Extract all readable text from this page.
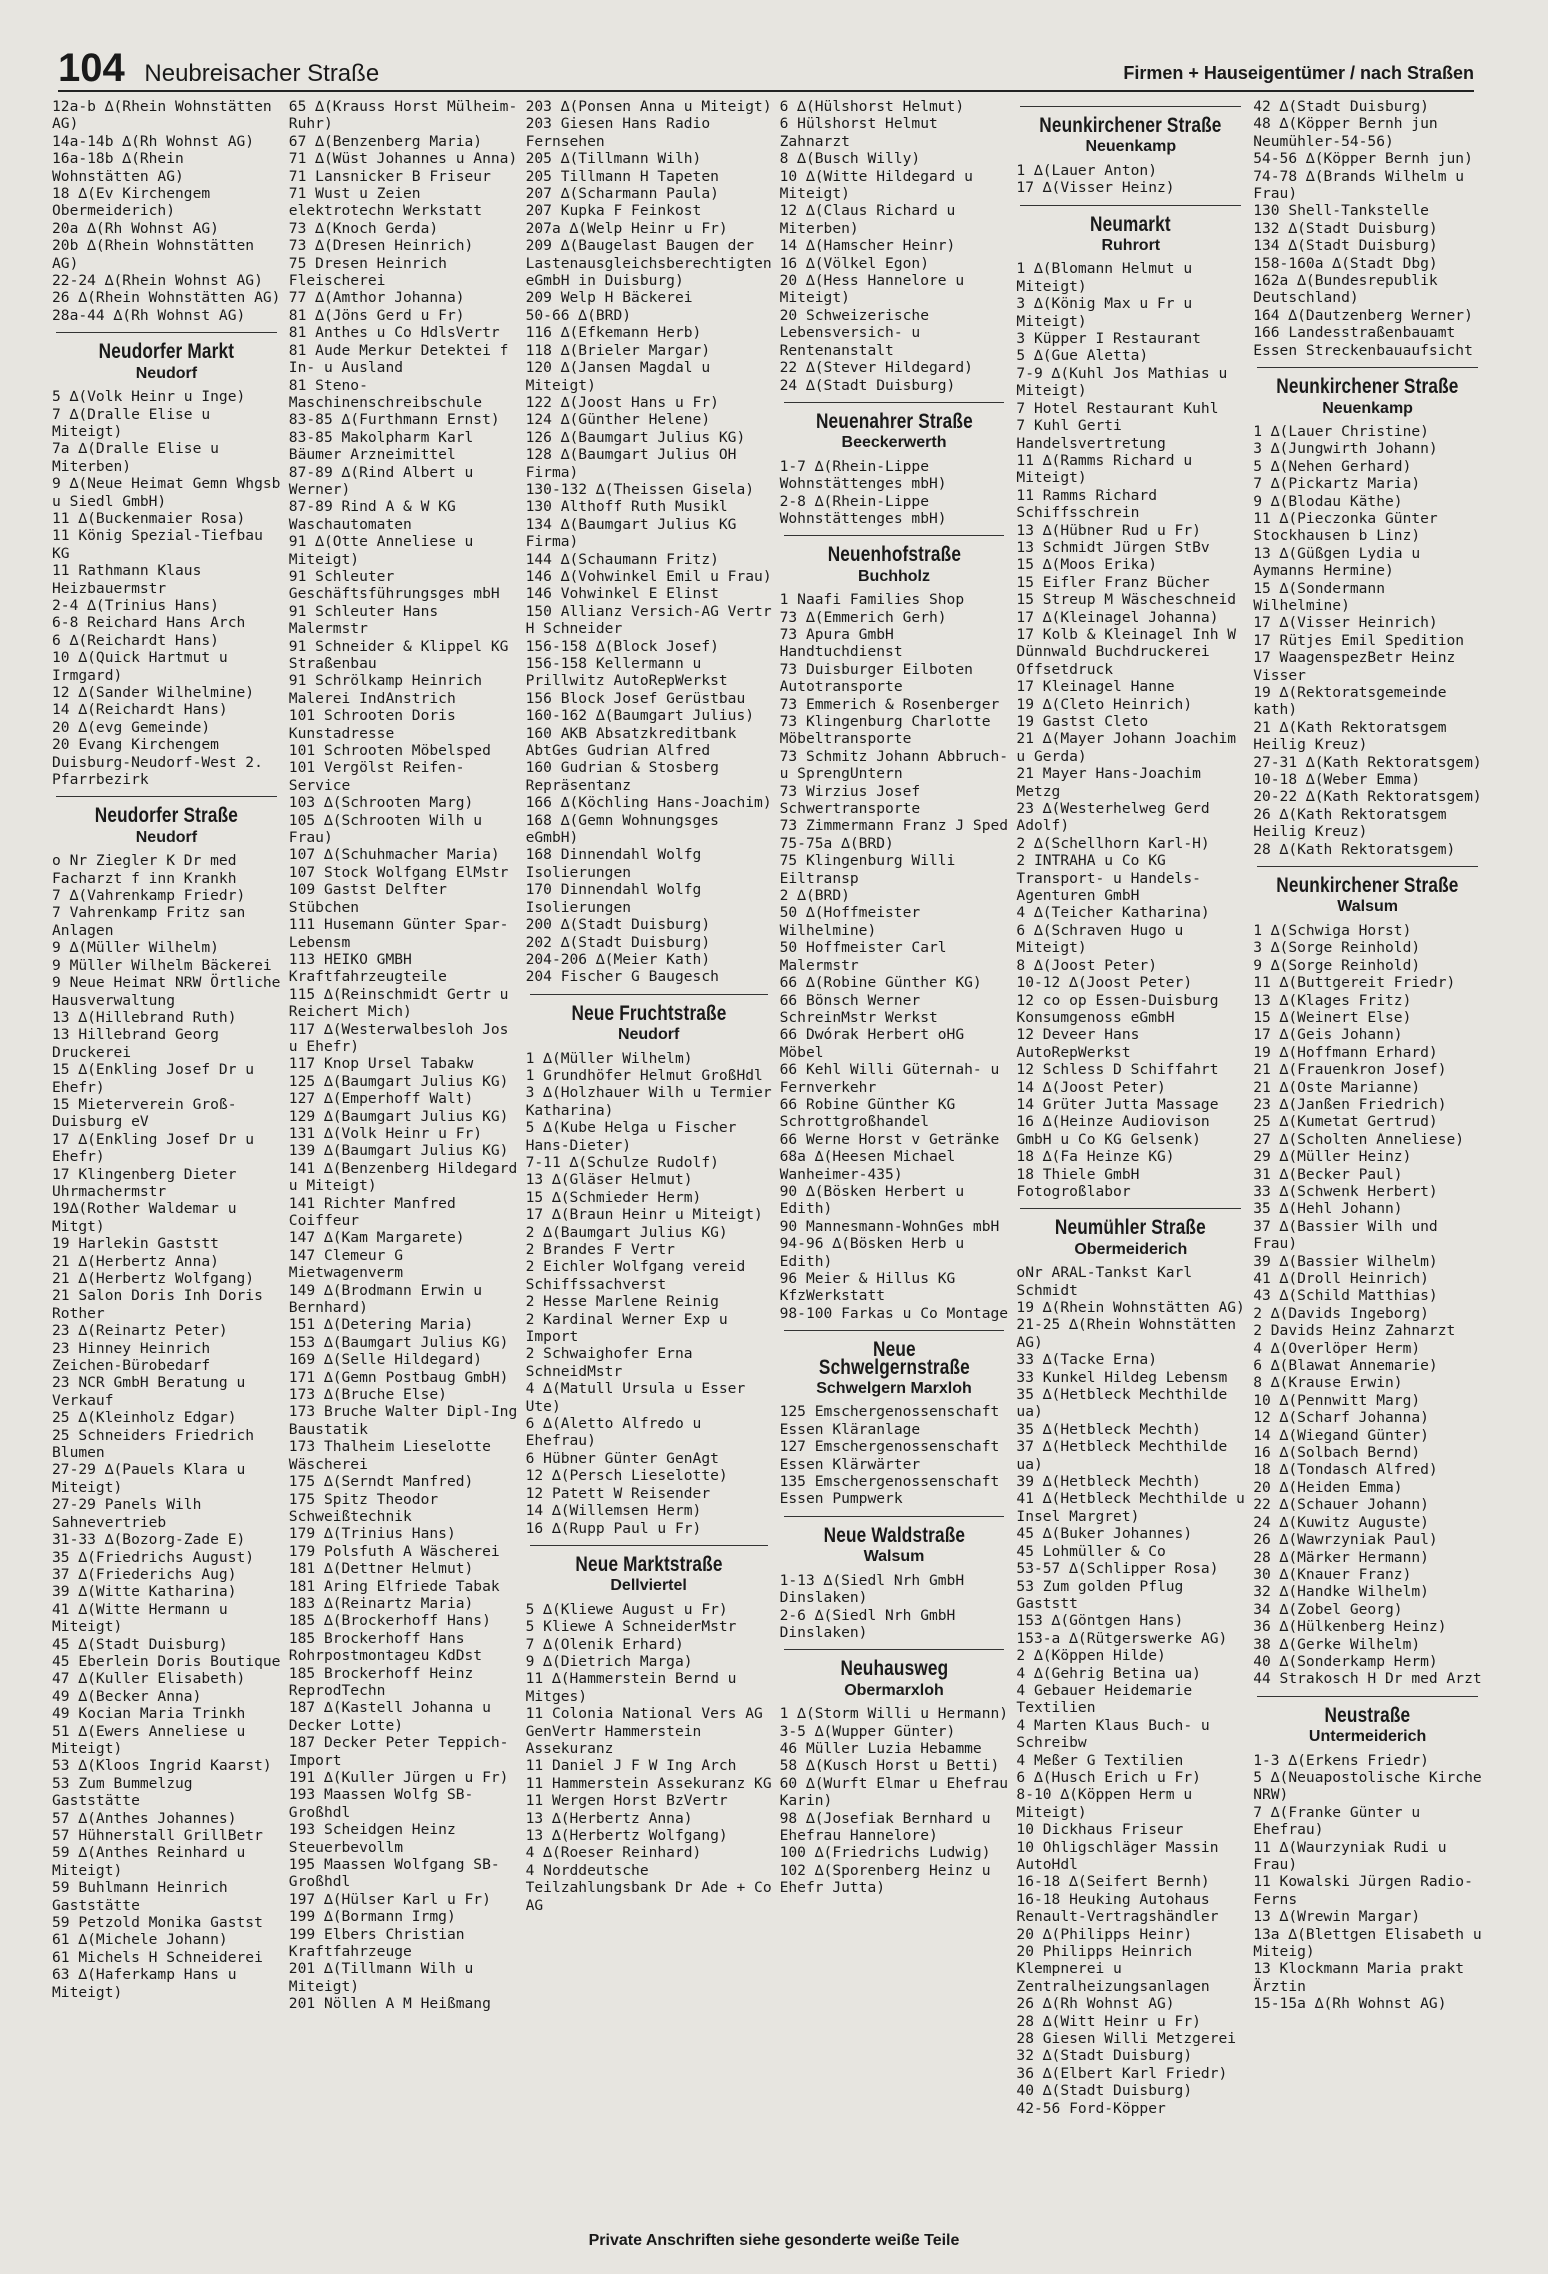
104 Neubreisacher Straße	Firmen + Hauseigentümer / nach Straßen
12a-b ∆(Rhein Wohnstätten AG)
14a-14b ∆(Rh Wohnst AG)
16a-18b ∆(Rhein Wohnstätten AG)
18 ∆(Ev Kirchengem Obermeiderich)
20a ∆(Rh Wohnst AG)
20b ∆(Rhein Wohnstätten AG)
22-24 ∆(Rhein Wohnst AG)
26 ∆(Rhein Wohnstätten AG)
28a-44 ∆(Rh Wohnst AG)
Neudorfer Markt
Neudorf
5 ∆(Volk Heinr u Inge)
7 ∆(Dralle Elise u Miteigt)
7a ∆(Dralle Elise u Miterben)
9 ∆(Neue Heimat Gemn Whgsb u Siedl GmbH)
11 ∆(Buckenmaier Rosa)
11 König Spezial-Tiefbau KG
11 Rathmann Klaus Heizbauermstr
2-4 ∆(Trinius Hans)
6-8 Reichard Hans Arch
6 ∆(Reichardt Hans)
10 ∆(Quick Hartmut u Irmgard)
12 ∆(Sander Wilhelmine)
14 ∆(Reichardt Hans)
20 ∆(evg Gemeinde)
20 Evang Kirchengem Duisburg-Neudorf-West 2. Pfarrbezirk
Neudorfer Straße
Neudorf
o Nr Ziegler K Dr med Facharzt f inn Krankh
7 ∆(Vahrenkamp Friedr)
7 Vahrenkamp Fritz san Anlagen
9 ∆(Müller Wilhelm)
9 Müller Wilhelm Bäckerei
9 Neue Heimat NRW Örtliche Hausverwaltung
13 ∆(Hillebrand Ruth)
13 Hillebrand Georg Druckerei
15 ∆(Enkling Josef Dr u Ehefr)
15 Mieterverein Groß-Duisburg eV
17 ∆(Enkling Josef Dr u Ehefr)
17 Klingenberg Dieter Uhrmachermstr
19∆(Rother Waldemar u Mitgt)
19 Harlekin Gaststt
21 ∆(Herbertz Anna)
21 ∆(Herbertz Wolfgang)
21 Salon Doris Inh Doris Rother
23 ∆(Reinartz Peter)
23 Hinney Heinrich Zeichen-Bürobedarf
23 NCR GmbH Beratung u Verkauf
25 ∆(Kleinholz Edgar)
25 Schneiders Friedrich Blumen
27-29 ∆(Pauels Klara u Miteigt)
27-29 Panels Wilh Sahnevertrieb
31-33 ∆(Bozorg-Zade E)
35 ∆(Friedrichs August)
37 ∆(Friederichs Aug)
39 ∆(Witte Katharina)
41 ∆(Witte Hermann u Miteigt)
45 ∆(Stadt Duisburg)
45 Eberlein Doris Boutique
47 ∆(Kuller Elisabeth)
49 ∆(Becker Anna)
49 Kocian Maria Trinkh
51 ∆(Ewers Anneliese u Miteigt)
53 ∆(Kloos Ingrid Kaarst)
53 Zum Bummelzug Gaststätte
57 ∆(Anthes Johannes)
57 Hühnerstall GrillBetr
59 ∆(Anthes Reinhard u Miteigt)
59 Buhlmann Heinrich Gaststätte
59 Petzold Monika Gastst
61 ∆(Michele Johann)
61 Michels H Schneiderei
63 ∆(Haferkamp Hans u Miteigt)
65 ∆(Krauss Horst Mülheim-Ruhr)
67 ∆(Benzenberg Maria)
71 ∆(Wüst Johannes u Anna)
71 Lansnicker B Friseur
71 Wust u Zeien elektrotechn Werkstatt
73 ∆(Knoch Gerda)
73 ∆(Dresen Heinrich)
75 Dresen Heinrich Fleischerei
77 ∆(Amthor Johanna)
81 ∆(Jöns Gerd u Fr)
81 Anthes u Co HdlsVertr
81 Aude Merkur Detektei f In- u Ausland
81 Steno-Maschinenschreibschule
83-85 ∆(Furthmann Ernst)
83-85 Makolpharm Karl Bäumer Arzneimittel
87-89 ∆(Rind Albert u Werner)
87-89 Rind A & W KG Waschautomaten
91 ∆(Otte Anneliese u Miteigt)
91 Schleuter Geschäftsführungsges mbH
91 Schleuter Hans Malermstr
91 Schneider & Klippel KG Straßenbau
91 Schrölkamp Heinrich Malerei IndAnstrich
101 Schrooten Doris Kunstadresse
101 Schrooten Möbelsped
101 Vergölst Reifen-Service
103 ∆(Schrooten Marg)
105 ∆(Schrooten Wilh u Frau)
107 ∆(Schuhmacher Maria)
107 Stock Wolfgang ElMstr
109 Gastst Delfter Stübchen
111 Husemann Günter Spar-Lebensm
113 HEIKO GMBH Kraftfahrzeugteile
115 ∆(Reinschmidt Gertr u Reichert Mich)
117 ∆(Westerwalbesloh Jos u Ehefr)
117 Knop Ursel Tabakw
125 ∆(Baumgart Julius KG)
127 ∆(Emperhoff Walt)
129 ∆(Baumgart Julius KG)
131 ∆(Volk Heinr u Fr)
139 ∆(Baumgart Julius KG)
141 ∆(Benzenberg Hildegard u Miteigt)
141 Richter Manfred Coiffeur
147 ∆(Kam Margarete)
147 Clemeur G Mietwagenverm
149 ∆(Brodmann Erwin u Bernhard)
151 ∆(Detering Maria)
153 ∆(Baumgart Julius KG)
169 ∆(Selle Hildegard)
171 ∆(Gemn Postbaug GmbH)
173 ∆(Bruche Else)
173 Bruche Walter Dipl-Ing Baustatik
173 Thalheim Lieselotte Wäscherei
175 ∆(Serndt Manfred)
175 Spitz Theodor Schweißtechnik
179 ∆(Trinius Hans)
179 Polsfuth A Wäscherei
181 ∆(Dettner Helmut)
181 Aring Elfriede Tabak
183 ∆(Reinartz Maria)
185 ∆(Brockerhoff Hans)
185 Brockerhoff Hans Rohrpostmontageu KdDst
185 Brockerhoff Heinz ReprodTechn
187 ∆(Kastell Johanna u Decker Lotte)
187 Decker Peter Teppich-Import
191 ∆(Kuller Jürgen u Fr)
193 Maassen Wolfg SB-Großhdl
193 Scheidgen Heinz Steuerbevollm
195 Maassen Wolfgang SB-Großhdl
197 ∆(Hülser Karl u Fr)
199 ∆(Bormann Irmg)
199 Elbers Christian Kraftfahrzeuge
201 ∆(Tillmann Wilh u Miteigt)
201 Nöllen A M Heißmang
203 ∆(Ponsen Anna u Miteigt)
203 Giesen Hans Radio Fernsehen
205 ∆(Tillmann Wilh)
205 Tillmann H Tapeten
207 ∆(Scharmann Paula)
207 Kupka F Feinkost
207a ∆(Welp Heinr u Fr)
209 ∆(Baugelast Baugen der Lastenausgleichsberechtigten eGmbH in Duisburg)
209 Welp H Bäckerei
50-66 ∆(BRD)
116 ∆(Efkemann Herb)
118 ∆(Brieler Margar)
120 ∆(Jansen Magdal u Miteigt)
122 ∆(Joost Hans u Fr)
124 ∆(Günther Helene)
126 ∆(Baumgart Julius KG)
128 ∆(Baumgart Julius OH Firma)
130-132 ∆(Theissen Gisela)
130 Althoff Ruth Musikl
134 ∆(Baumgart Julius KG Firma)
144 ∆(Schaumann Fritz)
146 ∆(Vohwinkel Emil u Frau)
146 Vohwinkel E Elinst
150 Allianz Versich-AG Vertr H Schneider
156-158 ∆(Block Josef)
156-158 Kellermann u Prillwitz AutoRepWerkst
156 Block Josef Gerüstbau
160-162 ∆(Baumgart Julius)
160 AKB Absatzkreditbank AbtGes Gudrian Alfred
160 Gudrian & Stosberg Repräsentanz
166 ∆(Köchling Hans-Joachim)
168 ∆(Gemn Wohnungsges eGmbH)
168 Dinnendahl Wolfg Isolierungen
170 Dinnendahl Wolfg Isolierungen
200 ∆(Stadt Duisburg)
202 ∆(Stadt Duisburg)
204-206 ∆(Meier Kath)
204 Fischer G Baugesch
Neue Fruchtstraße
Neudorf
1 ∆(Müller Wilhelm)
1 Grundhöfer Helmut GroßHdl
3 ∆(Holzhauer Wilh u Termier Katharina)
5 ∆(Kube Helga u Fischer Hans-Dieter)
7-11 ∆(Schulze Rudolf)
13 ∆(Gläser Helmut)
15 ∆(Schmieder Herm)
17 ∆(Braun Heinr u Miteigt)
2 ∆(Baumgart Julius KG)
2 Brandes F Vertr
2 Eichler Wolfgang vereid Schiffssachverst
2 Hesse Marlene Reinig
2 Kardinal Werner Exp u Import
2 Schwaighofer Erna SchneidMstr
4 ∆(Matull Ursula u Esser Ute)
6 ∆(Aletto Alfredo u Ehefrau)
6 Hübner Günter GenAgt
12 ∆(Persch Lieselotte)
12 Patett W Reisender
14 ∆(Willemsen Herm)
16 ∆(Rupp Paul u Fr)
Neue Marktstraße
Dellviertel
5 ∆(Kliewe August u Fr)
5 Kliewe A SchneiderMstr
7 ∆(Olenik Erhard)
9 ∆(Dietrich Marga)
11 ∆(Hammerstein Bernd u Mitges)
11 Colonia National Vers AG GenVertr Hammerstein Assekuranz
11 Daniel J F W Ing Arch
11 Hammerstein Assekuranz KG
11 Wergen Horst BzVertr
13 ∆(Herbertz Anna)
13 ∆(Herbertz Wolfgang)
4 ∆(Roeser Reinhard)
4 Norddeutsche Teilzahlungsbank Dr Ade + Co AG
6 ∆(Hülshorst Helmut)
6 Hülshorst Helmut Zahnarzt
8 ∆(Busch Willy)
10 ∆(Witte Hildegard u Miteigt)
12 ∆(Claus Richard u Miterben)
14 ∆(Hamscher Heinr)
16 ∆(Völkel Egon)
20 ∆(Hess Hannelore u Miteigt)
20 Schweizerische Lebensversich- u Rentenanstalt
22 ∆(Stever Hildegard)
24 ∆(Stadt Duisburg)
Neuenahrer Straße
Beeckerwerth
1-7 ∆(Rhein-Lippe Wohnstättenges mbH)
2-8 ∆(Rhein-Lippe Wohnstättenges mbH)
Neuenhofstraße
Buchholz
1 Naafi Families Shop
73 ∆(Emmerich Gerh)
73 Apura GmbH Handtuchdienst
73 Duisburger Eilboten Autotransporte
73 Emmerich & Rosenberger
73 Klingenburg Charlotte Möbeltransporte
73 Schmitz Johann Abbruch- u SprengUntern
73 Wirzius Josef Schwertransporte
73 Zimmermann Franz J Sped
75-75a ∆(BRD)
75 Klingenburg Willi Eiltransp
2 ∆(BRD)
50 ∆(Hoffmeister Wilhelmine)
50 Hoffmeister Carl Malermstr
66 ∆(Robine Günther KG)
66 Bönsch Werner SchreinMstr Werkst
66 Dwórak Herbert oHG Möbel
66 Kehl Willi Güternah- u Fernverkehr
66 Robine Günther KG Schrottgroßhandel
66 Werne Horst v Getränke
68a ∆(Heesen Michael Wanheimer-435)
90 ∆(Bösken Herbert u Edith)
90 Mannesmann-WohnGes mbH
94-96 ∆(Bösken Herb u Edith)
96 Meier & Hillus KG KfzWerkstatt
98-100 Farkas u Co Montage
Neue Schwelgernstraße
Schwelgern Marxloh
125 Emschergenossenschaft Essen Kläranlage
127 Emschergenossenschaft Essen Klärwärter
135 Emschergenossenschaft Essen Pumpwerk
Neue Waldstraße
Walsum
1-13 ∆(Siedl Nrh GmbH Dinslaken)
2-6 ∆(Siedl Nrh GmbH Dinslaken)
Neuhausweg
Obermarxloh
1 ∆(Storm Willi u Hermann)
3-5 ∆(Wupper Günter)
46 Müller Luzia Hebamme
58 ∆(Kusch Horst u Betti)
60 ∆(Wurft Elmar u Ehefrau Karin)
98 ∆(Josefiak Bernhard u Ehefrau Hannelore)
100 ∆(Friedrichs Ludwig)
102 ∆(Sporenberg Heinz u Ehefr Jutta)
Neunkirchener Straße
Neuenkamp
1 ∆(Lauer Anton)
17 ∆(Visser Heinz)
Neumarkt
Ruhrort
1 ∆(Blomann Helmut u Miteigt)
3 ∆(König Max u Fr u Miteigt)
3 Küpper I Restaurant
5 ∆(Gue Aletta)
7-9 ∆(Kuhl Jos Mathias u Miteigt)
7 Hotel Restaurant Kuhl
7 Kuhl Gerti Handelsvertretung
11 ∆(Ramms Richard u Miteigt)
11 Ramms Richard Schiffsschrein
13 ∆(Hübner Rud u Fr)
13 Schmidt Jürgen StBv
15 ∆(Moos Erika)
15 Eifler Franz Bücher
15 Streup M Wäscheschneid
17 ∆(Kleinagel Johanna)
17 Kolb & Kleinagel Inh W Dünnwald Buchdruckerei Offsetdruck
17 Kleinagel Hanne
19 ∆(Cleto Heinrich)
19 Gastst Cleto
21 ∆(Mayer Johann Joachim u Gerda)
21 Mayer Hans-Joachim Metzg
23 ∆(Westerhelweg Gerd Adolf)
2 ∆(Schellhorn Karl-H)
2 INTRAHA u Co KG Transport- u Handels-Agenturen GmbH
4 ∆(Teicher Katharina)
6 ∆(Schraven Hugo u Miteigt)
8 ∆(Joost Peter)
10-12 ∆(Joost Peter)
12 co op Essen-Duisburg Konsumgenoss eGmbH
12 Deveer Hans AutoRepWerkst
12 Schless D Schiffahrt
14 ∆(Joost Peter)
14 Grüter Jutta Massage
16 ∆(Heinze Audiovison GmbH u Co KG Gelsenk)
18 ∆(Fa Heinze KG)
18 Thiele GmbH Fotogroßlabor
Neumühler Straße
Obermeiderich
oNr ARAL-Tankst Karl Schmidt
19 ∆(Rhein Wohnstätten AG)
21-25 ∆(Rhein Wohnstätten AG)
33 ∆(Tacke Erna)
33 Kunkel Hildeg Lebensm
35 ∆(Hetbleck Mechthilde ua)
35 ∆(Hetbleck Mechth)
37 ∆(Hetbleck Mechthilde ua)
39 ∆(Hetbleck Mechth)
41 ∆(Hetbleck Mechthilde u Insel Margret)
45 ∆(Buker Johannes)
45 Lohmüller & Co
53-57 ∆(Schlipper Rosa)
53 Zum golden Pflug Gaststt
153 ∆(Göntgen Hans)
153-a ∆(Rütgerswerke AG)
2 ∆(Köppen Hilde)
4 ∆(Gehrig Betina ua)
4 Gebauer Heidemarie Textilien
4 Marten Klaus Buch- u Schreibw
4 Meßer G Textilien
6 ∆(Husch Erich u Fr)
8-10 ∆(Köppen Herm u Miteigt)
10 Dickhaus Friseur
10 Ohligschläger Massin AutoHdl
16-18 ∆(Seifert Bernh)
16-18 Heuking Autohaus Renault-Vertragshändler
20 ∆(Philipps Heinr)
20 Philipps Heinrich Klempnerei u Zentralheizungsanlagen
26 ∆(Rh Wohnst AG)
28 ∆(Witt Heinr u Fr)
28 Giesen Willi Metzgerei
32 ∆(Stadt Duisburg)
36 ∆(Elbert Karl Friedr)
40 ∆(Stadt Duisburg)
42-56 Ford-Köpper
42 ∆(Stadt Duisburg)
48 ∆(Köpper Bernh jun Neumühler-54-56)
54-56 ∆(Köpper Bernh jun)
74-78 ∆(Brands Wilhelm u Frau)
130 Shell-Tankstelle
132 ∆(Stadt Duisburg)
134 ∆(Stadt Duisburg)
158-160a ∆(Stadt Dbg)
162a ∆(Bundesrepublik Deutschland)
164 ∆(Dautzenberg Werner)
166 Landesstraßenbauamt Essen Streckenbauaufsicht
Neunkirchener Straße
Neuenkamp
1 ∆(Lauer Christine)
3 ∆(Jungwirth Johann)
5 ∆(Nehen Gerhard)
7 ∆(Pickartz Maria)
9 ∆(Blodau Käthe)
11 ∆(Pieczonka Günter Stockhausen b Linz)
13 ∆(Güßgen Lydia u Aymanns Hermine)
15 ∆(Sondermann Wilhelmine)
17 ∆(Visser Heinrich)
17 Rütjes Emil Spedition
17 WaagenspezBetr Heinz Visser
19 ∆(Rektoratsgemeinde kath)
21 ∆(Kath Rektoratsgem Heilig Kreuz)
27-31 ∆(Kath Rektoratsgem)
10-18 ∆(Weber Emma)
20-22 ∆(Kath Rektoratsgem)
26 ∆(Kath Rektoratsgem Heilig Kreuz)
28 ∆(Kath Rektoratsgem)
Neunkirchener Straße
Walsum
1 ∆(Schwiga Horst)
3 ∆(Sorge Reinhold)
9 ∆(Sorge Reinhold)
11 ∆(Buttgereit Friedr)
13 ∆(Klages Fritz)
15 ∆(Weinert Else)
17 ∆(Geis Johann)
19 ∆(Hoffmann Erhard)
21 ∆(Frauenkron Josef)
21 ∆(Oste Marianne)
23 ∆(Janßen Friedrich)
25 ∆(Kumetat Gertrud)
27 ∆(Scholten Anneliese)
29 ∆(Müller Heinz)
31 ∆(Becker Paul)
33 ∆(Schwenk Herbert)
35 ∆(Hehl Johann)
37 ∆(Bassier Wilh und Frau)
39 ∆(Bassier Wilhelm)
41 ∆(Droll Heinrich)
43 ∆(Schild Matthias)
2 ∆(Davids Ingeborg)
2 Davids Heinz Zahnarzt
4 ∆(Overlöper Herm)
6 ∆(Blawat Annemarie)
8 ∆(Krause Erwin)
10 ∆(Pennwitt Marg)
12 ∆(Scharf Johanna)
14 ∆(Wiegand Günter)
16 ∆(Solbach Bernd)
18 ∆(Tondasch Alfred)
20 ∆(Heiden Emma)
22 ∆(Schauer Johann)
24 ∆(Kuwitz Auguste)
26 ∆(Wawrzyniak Paul)
28 ∆(Märker Hermann)
30 ∆(Knauer Franz)
32 ∆(Handke Wilhelm)
34 ∆(Zobel Georg)
36 ∆(Hülkenberg Heinz)
38 ∆(Gerke Wilhelm)
40 ∆(Sonderkamp Herm)
44 Strakosch H Dr med Arzt
Neustraße
Untermeiderich
1-3 ∆(Erkens Friedr)
5 ∆(Neuapostolische Kirche NRW)
7 ∆(Franke Günter u Ehefrau)
11 ∆(Waurzyniak Rudi u Frau)
11 Kowalski Jürgen Radio-Ferns
13 ∆(Wrewin Margar)
13a ∆(Blettgen Elisabeth u Miteig)
13 Klockmann Maria prakt Ärztin
15-15a ∆(Rh Wohnst AG)
Private Anschriften siehe gesonderte weiße Teile
